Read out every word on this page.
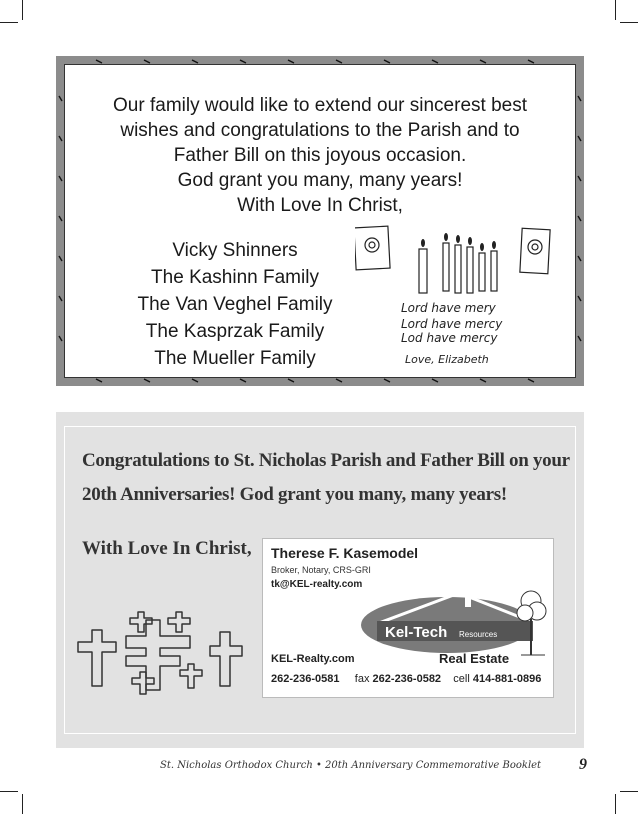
Our family would like to extend our sincerest best
wishes and congratulations to the Parish and to
Father Bill on this joyous occasion.
God grant you many, many years!
With Love In Christ,
Vicky Shinners
The Kashinn Family
The Van Veghel Family
The Kasprzak Family
The Mueller Family
Lord have mery
Lord have mercy
Lod have mercy
Love, Elizabeth
Congratulations to St. Nicholas Parish and Father Bill on your
20th Anniversaries! God grant you many, many years!
With Love In Christ, Therese F. Kasemodel
Broker, Notary, CRS-GRI
tk@KEL-realty.com
Kel-Tech Resources
KEL-Realty.com	Real Estate
262-236-0581 fax 262-236-0582 cell 414-881-0896
St. Nicholas Orthodox Church • 20th Anniversary Commemorative Booklet 9
